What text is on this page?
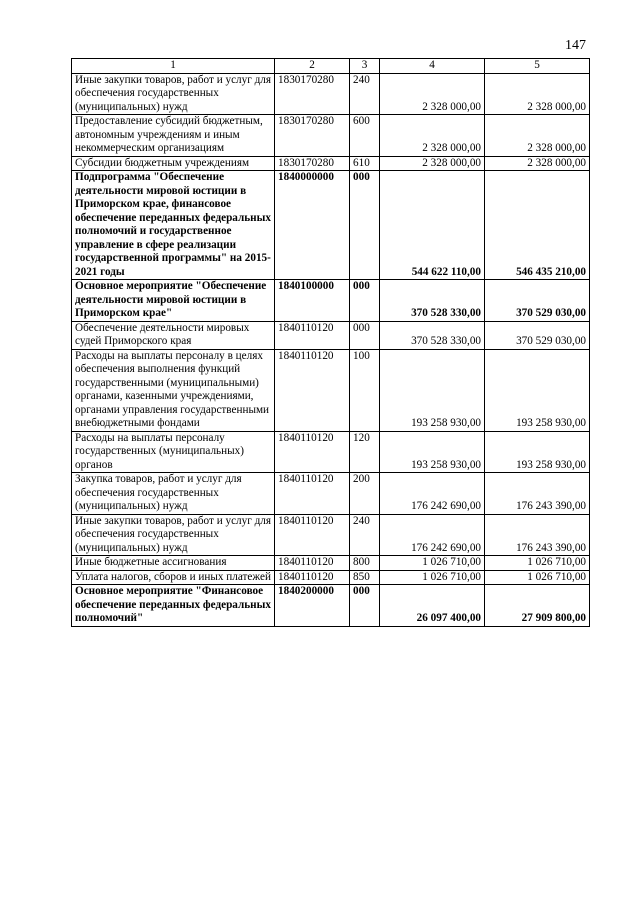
147
1	2	3	4	5
Иные закупки товаров, работ и услуг для обеспечения государственных (муниципальных) нужд	1830170280	240	2 328 000,00	2 328 000,00
Предоставление субсидий бюджетным, автономным учреждениям и иным некоммерческим организациям	1830170280	600	2 328 000,00	2 328 000,00
Субсидии бюджетным учреждениям	1830170280	610	2 328 000,00	2 328 000,00
Подпрограмма "Обеспечение деятельности мировой юстиции в Приморском крае, финансовое обеспечение переданных федеральных полномочий и государственное управление в сфере реализации государственной программы" на 2015-2021 годы	1840000000	000	544 622 110,00	546 435 210,00
Основное мероприятие "Обеспечение деятельности мировой юстиции в Приморском крае"	1840100000	000	370 528 330,00	370 529 030,00
Обеспечение деятельности мировых судей Приморского края	1840110120	000	370 528 330,00	370 529 030,00
Расходы на выплаты персоналу в целях обеспечения выполнения функций государственными (муниципальными) органами, казенными учреждениями, органами управления государственными внебюджетными фондами	1840110120	100	193 258 930,00	193 258 930,00
Расходы на выплаты персоналу государственных (муниципальных) органов	1840110120	120	193 258 930,00	193 258 930,00
Закупка товаров, работ и услуг для обеспечения государственных (муниципальных) нужд	1840110120	200	176 242 690,00	176 243 390,00
Иные закупки товаров, работ и услуг для обеспечения государственных (муниципальных) нужд	1840110120	240	176 242 690,00	176 243 390,00
Иные бюджетные ассигнования	1840110120	800	1 026 710,00	1 026 710,00
Уплата налогов, сборов и иных платежей	1840110120	850	1 026 710,00	1 026 710,00
Основное мероприятие "Финансовое обеспечение переданных федеральных полномочий"	1840200000	000	26 097 400,00	27 909 800,00
